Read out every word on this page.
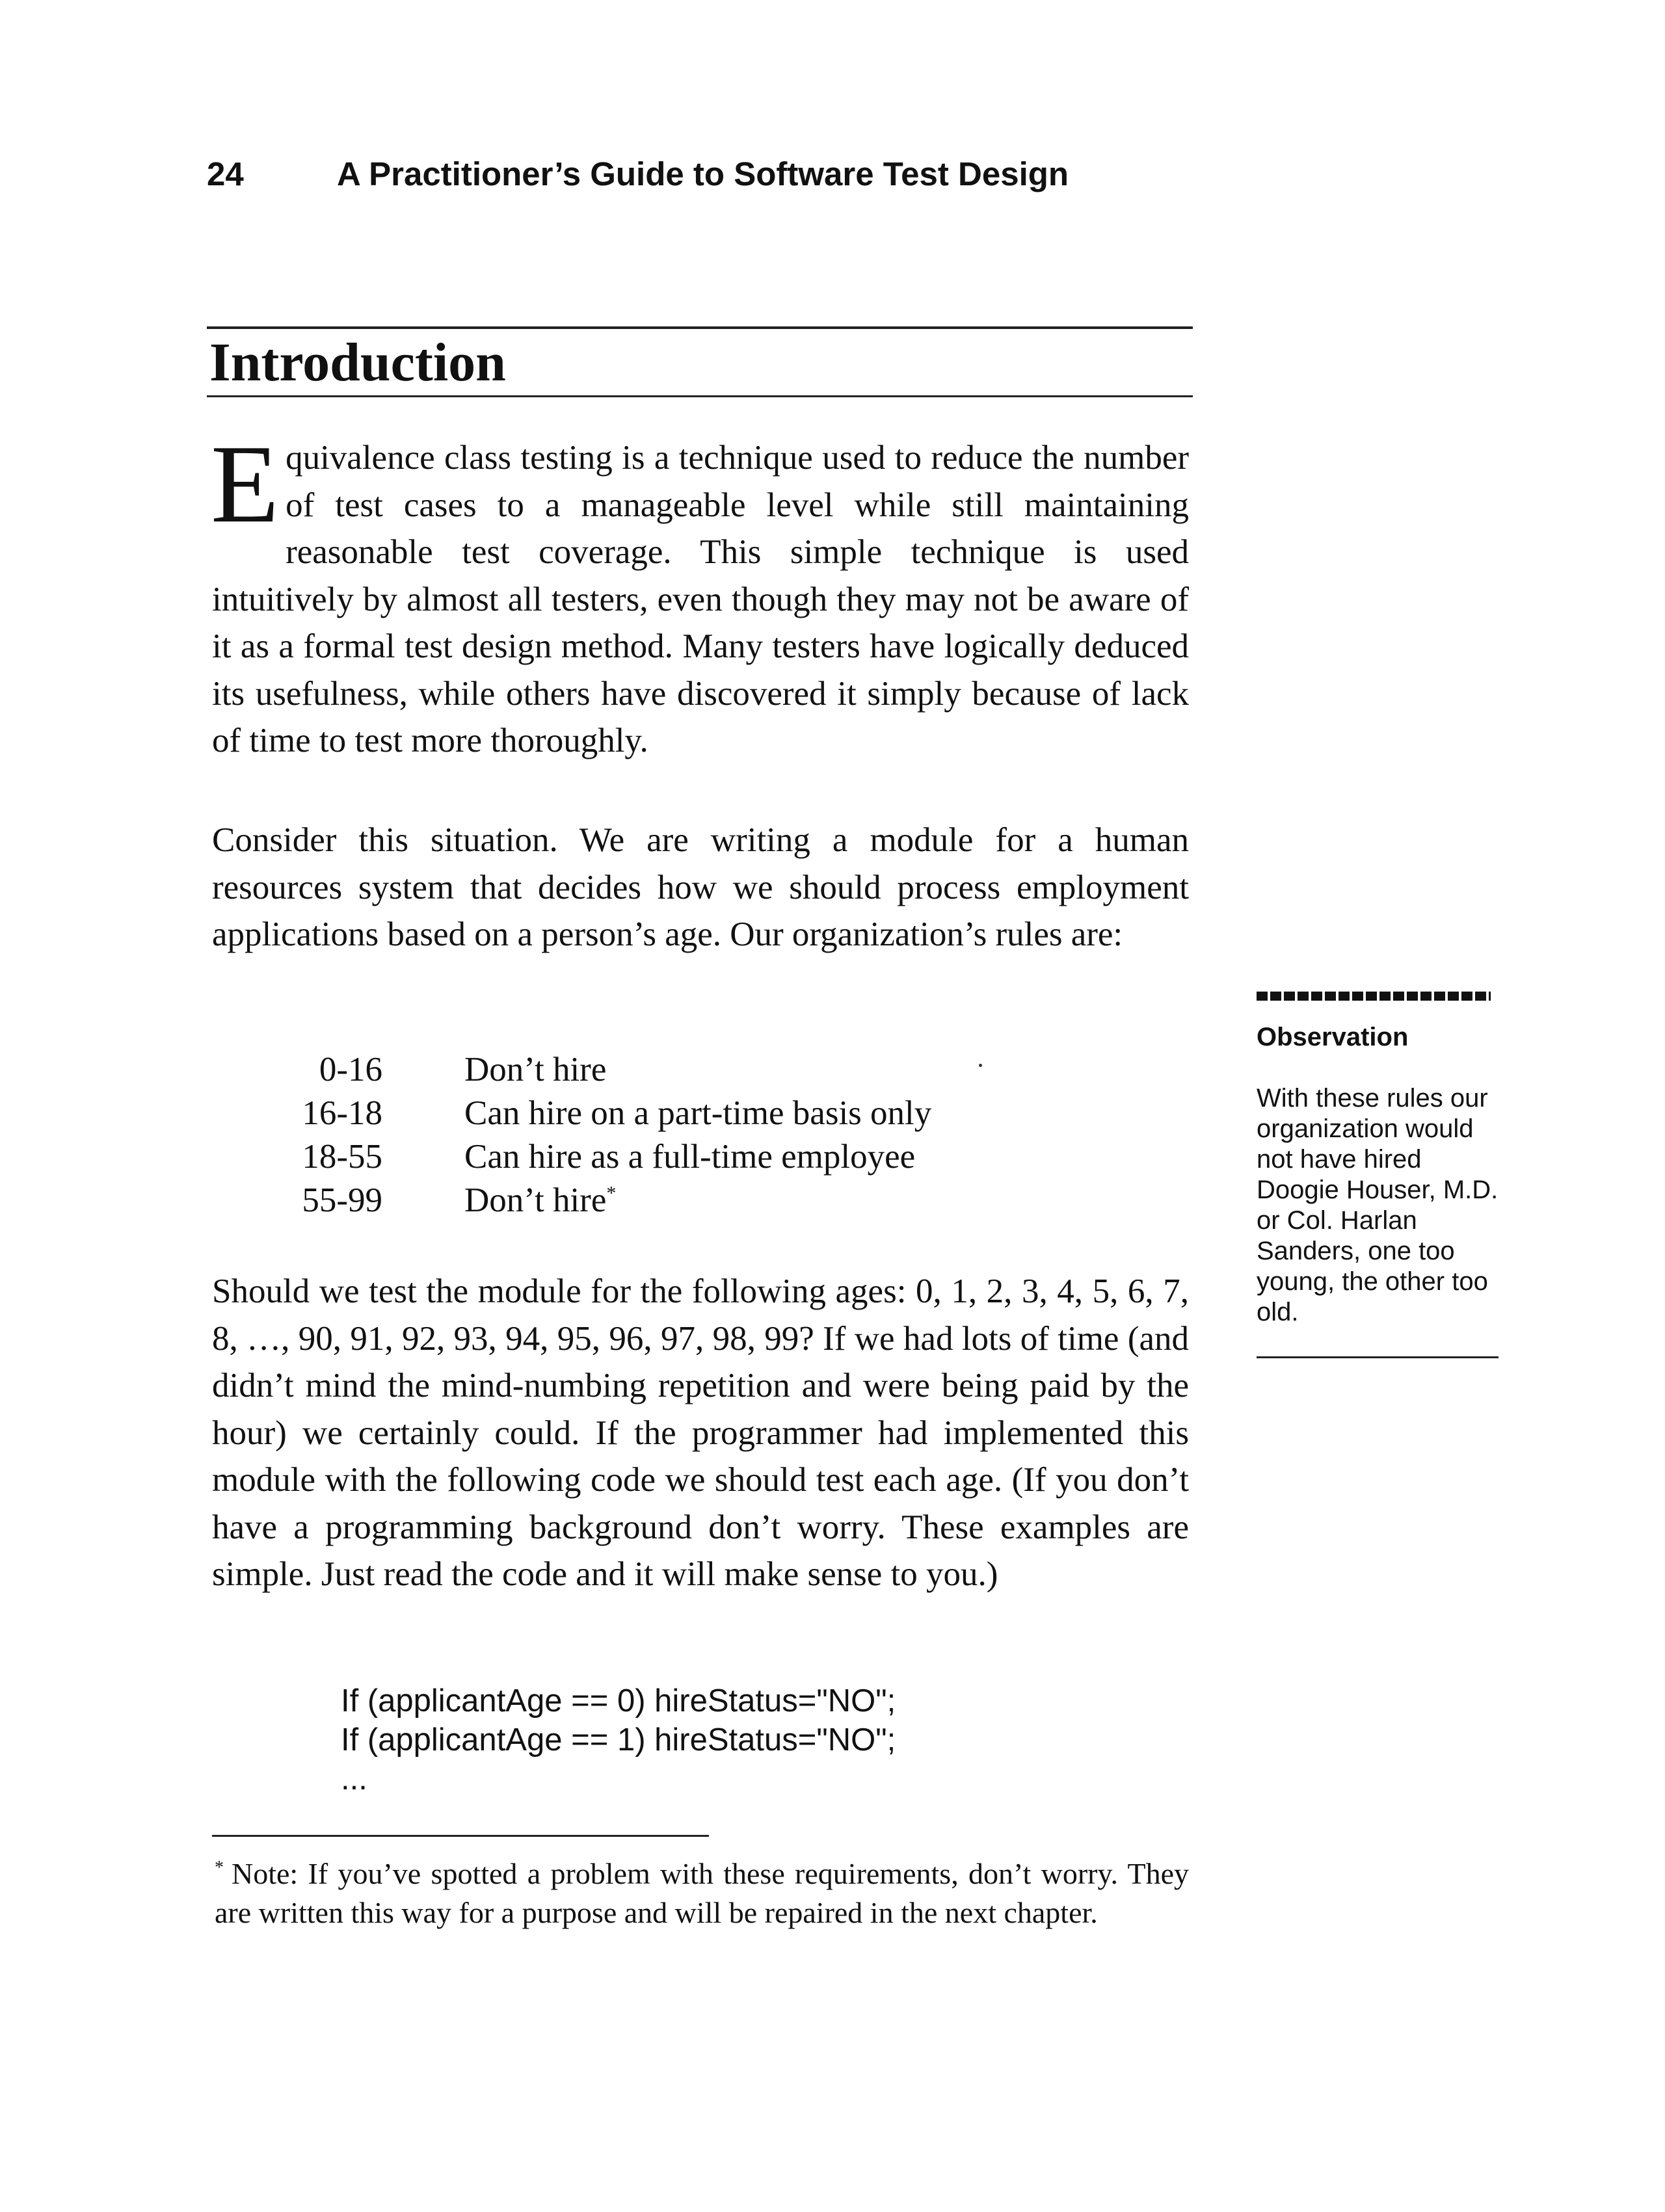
24	A Practitioner’s Guide to Software Test Design
Introduction
Equivalence class testing is a technique used to reduce the number of test cases to a manageable level while still maintaining reasonable test coverage. This simple technique is used intuitively by almost all testers, even though they may not be aware of it as a formal test design method. Many testers have logically deduced its usefulness, while others have discovered it simply because of lack of time to test more thoroughly.
Consider this situation. We are writing a module for a human resources system that decides how we should process employment applications based on a person’s age. Our organization’s rules are:
0-16 Don’t hire
16-18 Can hire on a part-time basis only
18-55 Can hire as a full-time employee
55-99 Don’t hire*
Should we test the module for the following ages: 0, 1, 2, 3, 4, 5, 6, 7, 8, …, 90, 91, 92, 93, 94, 95, 96, 97, 98, 99? If we had lots of time (and didn’t mind the mind-numbing repetition and were being paid by the hour) we certainly could. If the programmer had implemented this module with the following code we should test each age. (If you don’t have a programming background don’t worry. These examples are simple. Just read the code and it will make sense to you.)
If (applicantAge == 0) hireStatus="NO";
If (applicantAge == 1) hireStatus="NO";
...
* Note: If you’ve spotted a problem with these requirements, don’t worry. They are written this way for a purpose and will be repaired in the next chapter.
Observation
With these rules our organization would not have hired Doogie Houser, M.D. or Col. Harlan Sanders, one too young, the other too old.
